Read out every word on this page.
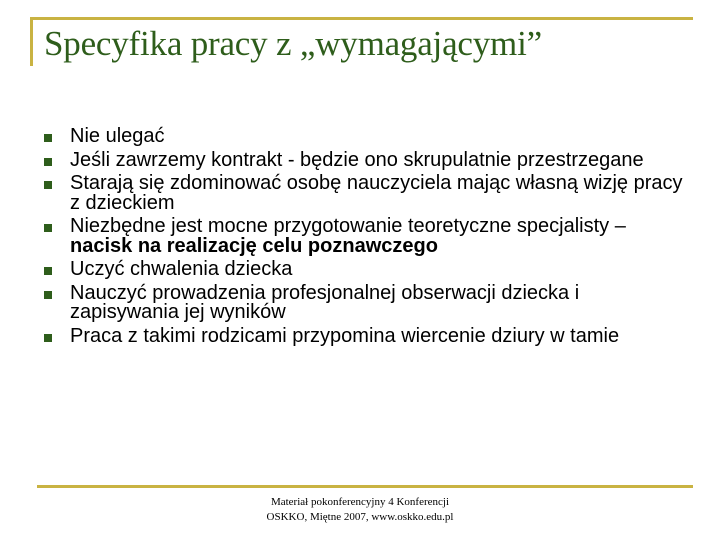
Specyfika pracy z „wymagającymi”
Nie ulegać
Jeśli zawrzemy kontrakt - będzie ono skrupulatnie przestrzegane
Starają się zdominować osobę nauczyciela mając własną wizję pracy z dzieckiem
Niezbędne jest mocne przygotowanie teoretyczne specjalisty – nacisk na realizację celu poznawczego
Uczyć chwalenia dziecka
Nauczyć prowadzenia profesjonalnej obserwacji dziecka i zapisywania jej wyników
Praca z takimi rodzicami przypomina wiercenie dziury w tamie
Materiał pokonferencyjny 4 Konferencji
OSKKO, Miętne 2007, www.oskko.edu.pl
